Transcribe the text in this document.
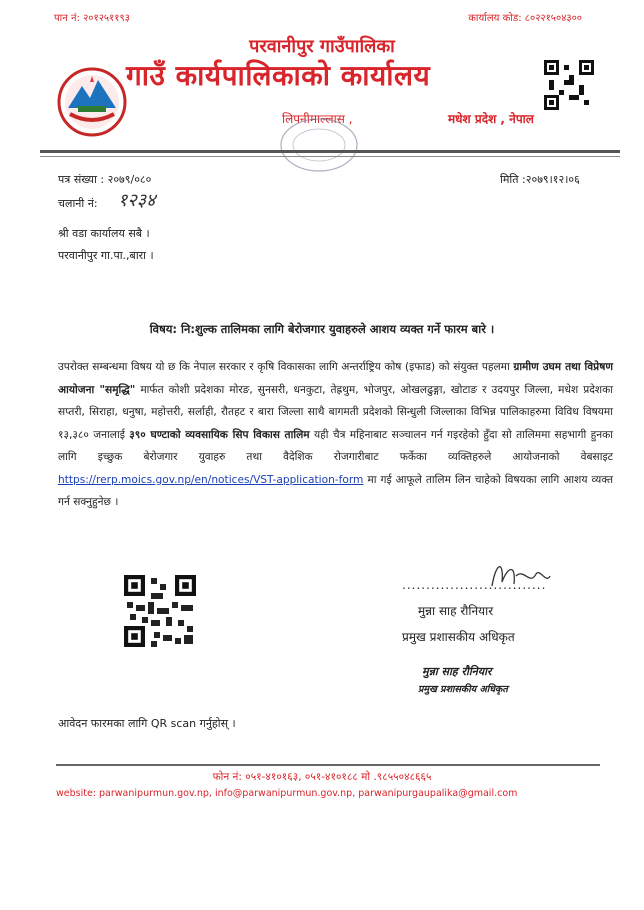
पान नं: २०१२५११९३	कार्यालय कोड: ८०२२१५०४३००
परवानीपुर गाउँपालिका
गाउँ कार्यपालिकाको कार्यालय
लिपनीमाल्लास ,	मधेश प्रदेश , नेपाल
पत्र संख्या : २०७९/०८०	मिति :२०७९।१२।०६
चलानी नं: १२३४
श्री वडा कार्यालय सबै ।
परवानीपुर गा.पा.,बारा ।
विषय: नि:शुल्क तालिमका लागि बेरोजगार युवाहरुले आशय व्यक्त गर्ने फारम बारे ।
उपरोक्त सम्बन्धमा विषय यो छ कि नेपाल सरकार र कृषि विकासका लागि अन्तर्राष्ट्रिय कोष (इफाड) को संयुक्त पहलमा ग्रामीण उघम तथा विप्रेषण आयोजना "समृद्धि" मार्फत कोशी प्रदेशका मोरङ, सुनसरी, धनकुटा, तेह्रथुम, भोजपुर, ओखलढुङ्गा, खोटाङ र उदयपुर जिल्ला, मधेश प्रदेशका सप्तरी, सिराहा, धनुषा, महोत्तरी, सर्लाही, रौतहट र बारा जिल्ला साथै बागमती प्रदेशको सिन्धुली जिल्लाका विभिन्न पालिकाहरुमा विविध विषयमा १३,३८० जनालाई ३९० घण्टाको व्यवसायिक सिप विकास तालिम यही चैत्र महिनाबाट सञ्चालन गर्न गइरहेको हुँदा सो तालिममा सहभागी हुनका लागि इच्छुक बेरोजगार युवाहरु तथा वैदेशिक रोजगारीबाट फर्केका व्यक्तिहरुले आयोजनाको वेबसाइट https://rerp.moics.gov.np/en/notices/VST-application-form मा गई आफूले तालिम लिन चाहेको विषयका लागि आशय व्यक्त गर्न सक्नुहुनेछ ।
..............................
मुन्ना साह रौनियार
प्रमुख प्रशासकीय अधिकृत
मुन्ना साह रौनियार
प्रमुख प्रशासकीय अधिकृत
आवेदन फारमका लागि QR scan गर्नुहोस् ।
फोन नं: ०५१-४१०१६३, ०५१-४१०१८८ मो .९८५५०४८६६५
website: parwanipurmun.gov.np, info@parwanipurmun.gov.np, parwanipurgaupalika@gmail.com
